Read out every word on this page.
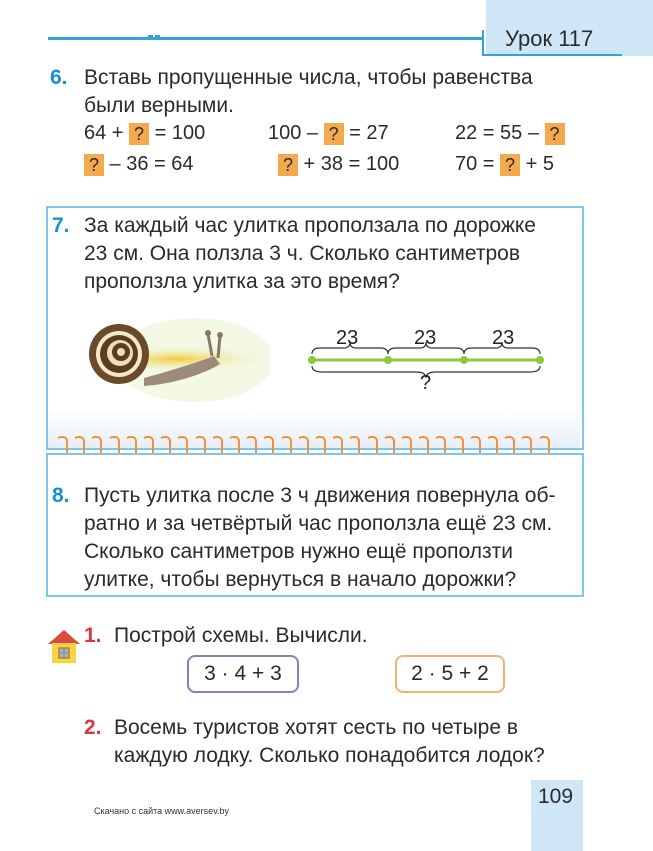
Урок 117
6. Вставь пропущенные числа, чтобы равенства
были верными.
64 + ? = 100	100 – ? = 27	22 = 55 – ?
? – 36 = 64	? + 38 = 100	70 = ? + 5
7. За каждый час улитка проползала по дорожке
23 см. Она ползла 3 ч. Сколько сантиметров
проползла улитка за это время?
23	23	23
?
8. Пусть улитка после 3 ч движения повернула об-
ратно и за четвёртый час проползла ещё 23 см.
Сколько сантиметров нужно ещё проползти
улитке, чтобы вернуться в начало дорожки?
1. Построй схемы. Вычисли.
3 · 4 + 3	2 · 5 + 2
2. Восемь туристов хотят сесть по четыре в
каждую лодку. Сколько понадобится лодок?
109
Скачано с сайта www.aversev.by
